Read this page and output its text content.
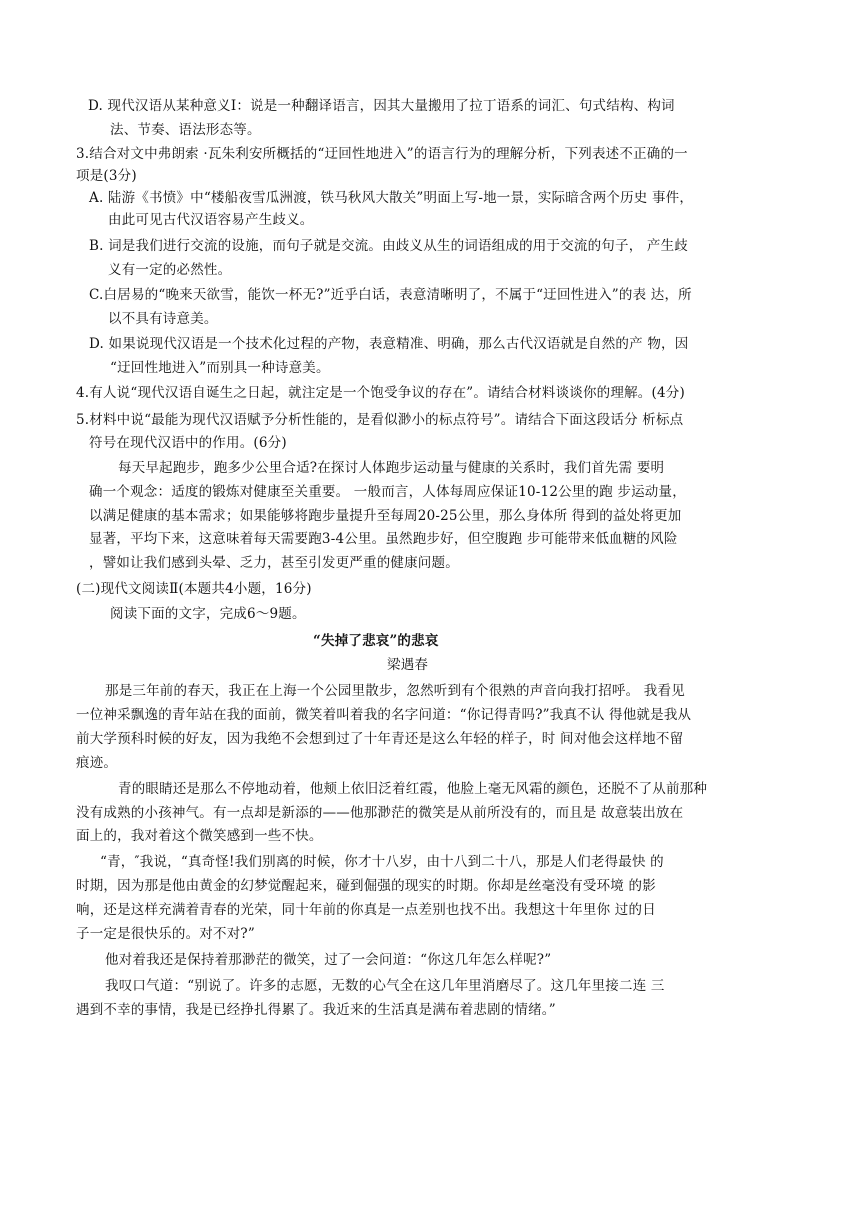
D. 现代汉语从某种意义I：说是一种翻译语言，因其大量搬用了拉丁语系的词汇、句式结构、构词
法、节奏、语法形态等。
3.结合对文中弗朗索 ·瓦朱利安所概括的“迂回性地进入”的语言行为的理解分析，下列表述不正确的一
项是(3分)
A. 陆游《书愤》中“楼船夜雪瓜洲渡，铁马秋风大散关”明面上写-地一景，实际暗含两个历史 事件，
由此可见古代汉语容易产生歧义。
B. 词是我们进行交流的设施，而句子就是交流。由歧义从生的词语组成的用于交流的句子， 产生歧
义有一定的必然性。
C.白居易的“晚来天欲雪，能饮一杯无?”近乎白话，表意清晰明了，不属于“迂回性进入”的表 达，所
以不具有诗意美。
D. 如果说现代汉语是一个技术化过程的产物，表意精准、明确，那么古代汉语就是自然的产 物，因
“迂回性地进入”而别具一种诗意美。
4.有人说“现代汉语自诞生之日起，就注定是一个饱受争议的存在”。请结合材料谈谈你的理解。(4分)
5.材料中说“最能为现代汉语赋予分析性能的，是看似渺小的标点符号”。请结合下面这段话分 析标点
符号在现代汉语中的作用。(6分)
每天早起跑步，跑多少公里合适?在探讨人体跑步运动量与健康的关系时，我们首先需 要明
确一个观念：适度的锻炼对健康至关重要。 一般而言，人体每周应保证10-12公里的跑 步运动量，
以满足健康的基本需求；如果能够将跑步量提升至每周20-25公里，那么身体所 得到的益处将更加
显著，平均下来，这意味着每天需要跑3-4公里。虽然跑步好，但空腹跑 步可能带来低血糖的风险
，譬如让我们感到头晕、乏力，甚至引发更严重的健康问题。
(二)现代文阅读Ⅱ(本题共4小题，16分)
阅读下面的文字，完成6～9题。
“失掉了悲哀”的悲哀
梁遇春
那是三年前的春天，我正在上海一个公园里散步，忽然听到有个很熟的声音向我打招呼。 我看见
一位神采飘逸的青年站在我的面前，微笑着叫着我的名字问道：“你记得青吗?”我真不认 得他就是我从
前大学预科时候的好友，因为我绝不会想到过了十年青还是这么年轻的样子，时 间对他会这样地不留
痕迹。
青的眼睛还是那么不停地动着，他颊上依旧泛着红霞，他脸上毫无风霜的颜色，还脱不了从前那种
没有成熟的小孩神气。有一点却是新添的——他那渺茫的微笑是从前所没有的，而且是 故意装出放在
面上的，我对着这个微笑感到一些不快。
“青，″我说，“真奇怪!我们别离的时候，你才十八岁，由十八到二十八，那是人们老得最快 的
时期，因为那是他由黄金的幻梦觉醒起来，碰到倔强的现实的时期。你却是丝毫没有受环境 的影
响，还是这样充满着青春的光荣，同十年前的你真是一点差别也找不出。我想这十年里你 过的日
子一定是很快乐的。对不对?”
他对着我还是保持着那渺茫的微笑，过了一会问道：“你这几年怎么样呢?”
我叹口气道：“别说了。许多的志愿，无数的心气全在这几年里消磨尽了。这几年里接二连 三
遇到不幸的事情，我是已经挣扎得累了。我近来的生活真是满布着悲剧的情绪。”
